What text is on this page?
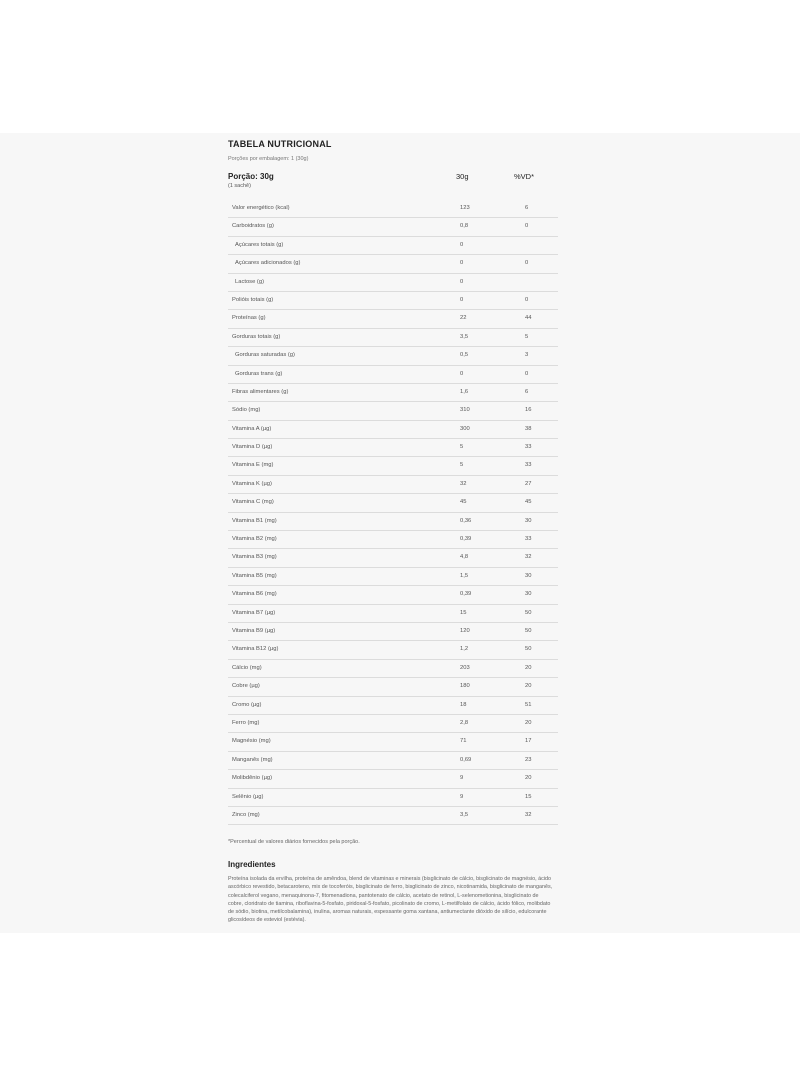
TABELA NUTRICIONAL
Porções por embalagem: 1 (30g)
Porção: 30g
(1 sachê)
30g	%VD*
Valor energético (kcal)	123	6
Carboidratos (g)	0,8	0
Açúcares totais (g)	0
Açúcares adicionados (g)	0	0
Lactose (g)	0
Polióis totais (g)	0	0
Proteínas (g)	22	44
Gorduras totais (g)	3,5	5
Gorduras saturadas (g)	0,5	3
Gorduras trans (g)	0	0
Fibras alimentares (g)	1,6	6
Sódio (mg)	310	16
Vitamina A (µg)	300	38
Vitamina D (µg)	5	33
Vitamina E (mg)	5	33
Vitamina K (µg)	32	27
Vitamina C (mg)	45	45
Vitamina B1 (mg)	0,36	30
Vitamina B2 (mg)	0,39	33
Vitamina B3 (mg)	4,8	32
Vitamina B5 (mg)	1,5	30
Vitamina B6 (mg)	0,39	30
Vitamina B7 (µg)	15	50
Vitamina B9 (µg)	120	50
Vitamina B12 (µg)	1,2	50
Cálcio (mg)	203	20
Cobre (µg)	180	20
Cromo (µg)	18	51
Ferro (mg)	2,8	20
Magnésio (mg)	71	17
Manganês (mg)	0,69	23
Molibdênio (µg)	9	20
Selênio (µg)	9	15
Zinco (mg)	3,5	32
*Percentual de valores diários fornecidos pela porção.
Ingredientes
Proteína isolada da ervilha, proteína de amêndoa, blend de vitaminas e minerais (bisglicinato de cálcio, bisglicinato de magnésio, ácido ascórbico revestido, betacaroteno, mix de tocoferóis, bisglicinato de ferro, bisglicinato de zinco, nicotinamida, bisglicinato de manganês, colecalciferol vegano, menaquinona-7, fitomenadiona, pantotenato de cálcio, acetato de retinol, L-selenometionina, bisglicinato de cobre, cloridrato de tiamina, riboflavina-5-fosfato, piridoxal-5-fosfato, picolinato de cromo, L-metilfolato de cálcio, ácido fólico, molibdato de sódio, biotina, metilcobalamina), inulina, aromas naturais, espessante goma xantana, antiumectante dióxido de silício, edulcorante glicosídeos de esteviol (estévia).
